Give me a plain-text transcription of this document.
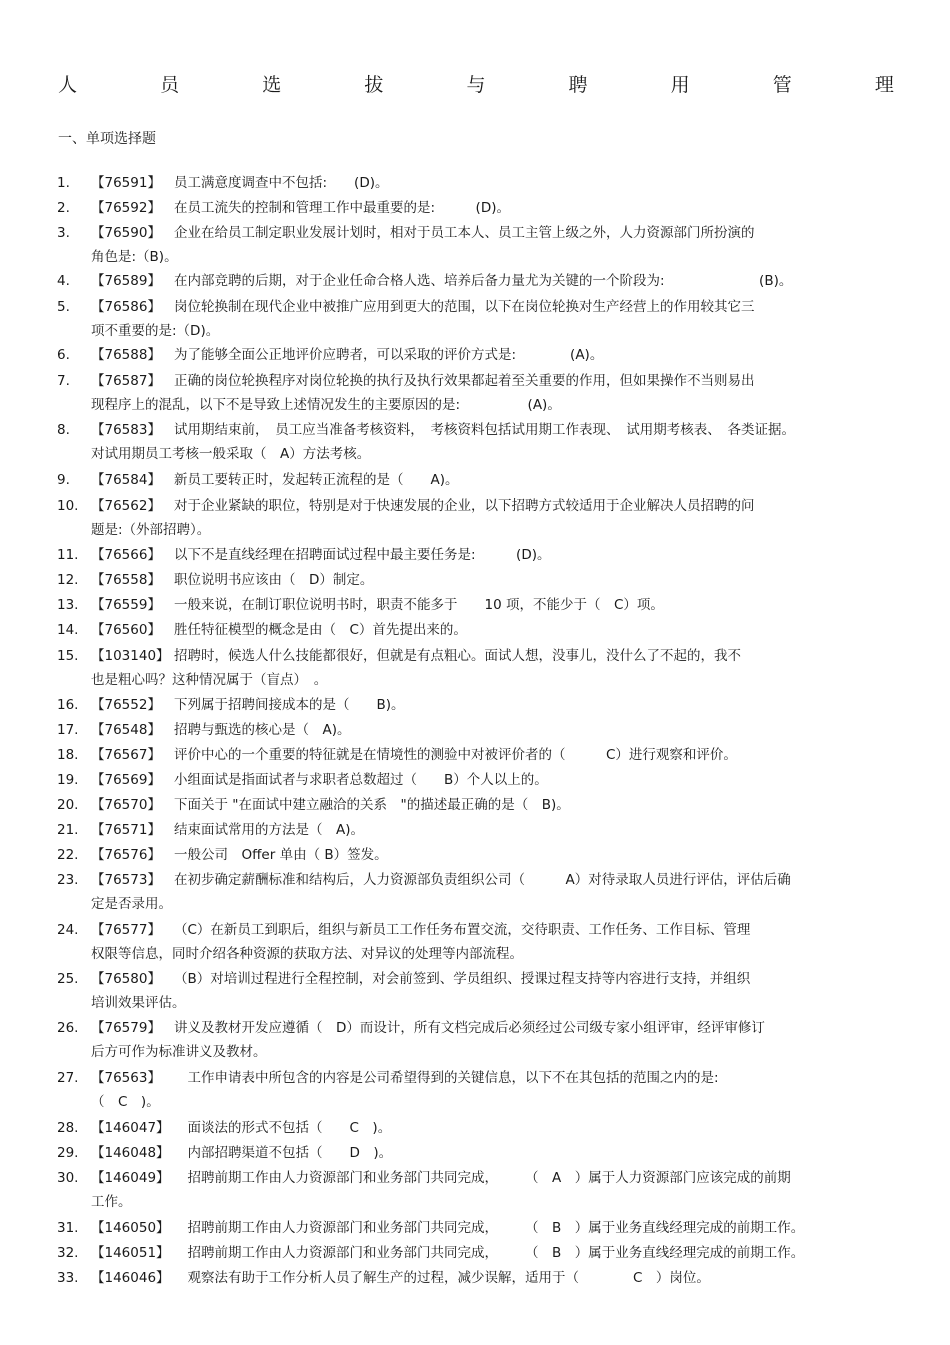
人	员	选	拔	与	聘	用	管	理
一、单项选择题
1.	【76591】 员工满意度调查中不包括:　　(D)。
2.	【76592】 在员工流失的控制和管理工作中最重要的是:　　　(D)。
3.	【76590】 企业在给员工制定职业发展计划时，相对于员工本人、员工主管上级之外，人力资源部门所扮演的
角色是:（B)。
4.	【76589】 在内部竞聘的后期，对于企业任命合格人选、培养后备力量尤为关键的一个阶段为:　　　　　　　(B)。
5.	【76586】 岗位轮换制在现代企业中被推广应用到更大的范围，以下在岗位轮换对生产经营上的作用较其它三
项不重要的是:（D)。
6.	【76588】 为了能够全面公正地评价应聘者，可以采取的评价方式是:　　　　(A)。
7.	【76587】 正确的岗位轮换程序对岗位轮换的执行及执行效果都起着至关重要的作用，但如果操作不当则易出
现程序上的混乱，以下不是导致上述情况发生的主要原因的是:　　　　　(A)。
8.	【76583】 试用期结束前，　员工应当准备考核资料，　考核资料包括试用期工作表现、　试用期考核表、　各类证据。
对试用期员工考核一般采取（　A）方法考核。
9.	【76584】 新员工要转正时，发起转正流程的是（　　A)。
10. 【76562】 对于企业紧缺的职位，特别是对于快速发展的企业，以下招聘方式较适用于企业解决人员招聘的问
题是:（外部招聘）。
11. 【76566】 以下不是直线经理在招聘面试过程中最主要任务是:　　　(D)。
12. 【76558】 职位说明书应该由（　D）制定。
13. 【76559】 一般来说，在制订职位说明书时，职责不能多于　　10 项，不能少于（　C）项。
14. 【76560】 胜任特征模型的概念是由（　C）首先提出来的。
15. 【103140】 招聘时，候选人什么技能都很好，但就是有点粗心。面试人想，没事儿，没什么了不起的，我不
也是粗心吗？这种情况属于（盲点）　。
16. 【76552】 下列属于招聘间接成本的是（　　B)。
17. 【76548】 招聘与甄选的核心是（　A)。
18. 【76567】 评价中心的一个重要的特征就是在情境性的测验中对被评价者的（　　　C）进行观察和评价。
19. 【76569】 小组面试是指面试者与求职者总数超过（　　B）个人以上的。
20. 【76570】 下面关于 "在面试中建立融洽的关系　"的描述最正确的是（　B)。
21. 【76571】 结束面试常用的方法是（　A)。
22. 【76576】 一般公司　Offer 单由（ B）签发。
23. 【76573】 在初步确定薪酬标准和结构后，人力资源部负责组织公司（　　　A）对待录取人员进行评估，评估后确
定是否录用。
24. 【76577】 （C）在新员工到职后，组织与新员工工作任务布置交流，交待职责、工作任务、工作目标、管理
权限等信息，同时介绍各种资源的获取方法、对异议的处理等内部流程。
25. 【76580】 （B）对培训过程进行全程控制，对会前签到、学员组织、授课过程支持等内容进行支持，并组织
培训效果评估。
26. 【76579】 讲义及教材开发应遵循（　D）而设计，所有文档完成后必须经过公司级专家小组评审，经评审修订
后方可作为标准讲义及教材。
27. 【76563】 　工作申请表中所包含的内容是公司希望得到的关键信息，以下不在其包括的范围之内的是:
（　C　)。
28. 【146047】 　面谈法的形式不包括（　　C　)。
29. 【146048】 　内部招聘渠道不包括（　　D　)。
30. 【146049】 　招聘前期工作由人力资源部门和业务部门共同完成，　　　（　A　）属于人力资源部门应该完成的前期
工作。
31. 【146050】 　招聘前期工作由人力资源部门和业务部门共同完成，　　　（　B　）属于业务直线经理完成的前期工作。
32. 【146051】 　招聘前期工作由人力资源部门和业务部门共同完成，　　　（　B　）属于业务直线经理完成的前期工作。
33. 【146046】 　观察法有助于工作分析人员了解生产的过程，减少误解，适用于（　　　　C　）岗位。
